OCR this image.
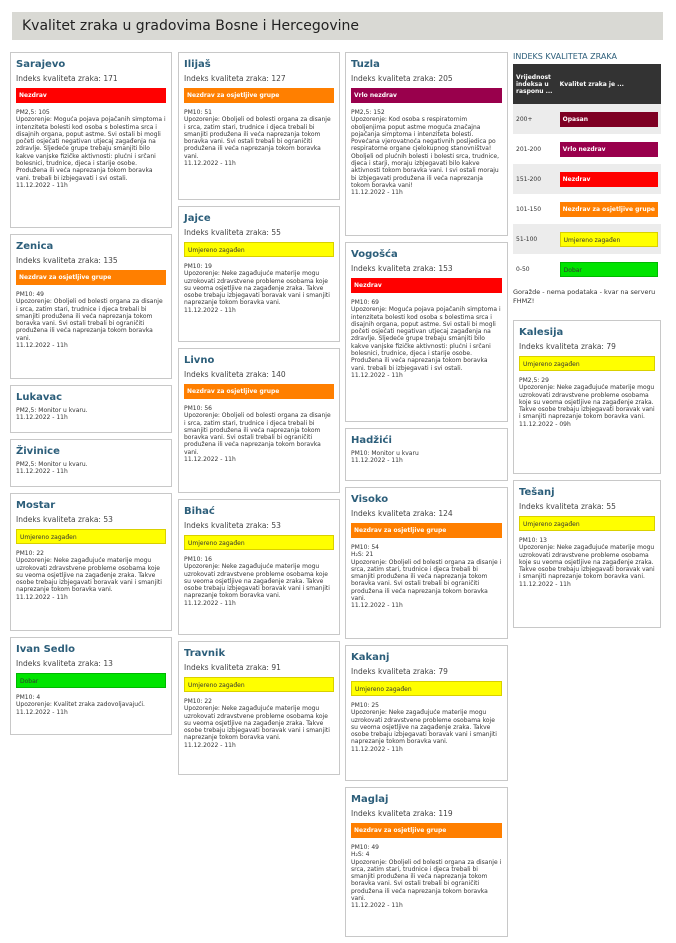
Kvalitet zraka u gradovima Bosne i Hercegovine
Sarajevo
Indeks kvaliteta zraka: 171
Nezdrav
PM2,5: 105
Upozorenje: Moguća pojava pojačanih simptoma i intenziteta bolesti kod osoba s bolestima srca i disajnih organa, poput astme. Svi ostali bi mogli početi osjećati negativan utjecaj zagađenja na zdravlje. Sljedeće grupe trebaju smanjiti bilo kakve vanjske fizičke aktivnosti: plućni i srčani bolesnici, trudnice, djeca i starije osobe. Produžena ili veća naprezanja tokom boravka vani. trebali bi izbjegavati i svi ostali.
11.12.2022 - 11h
Zenica
Indeks kvaliteta zraka: 135
Nezdrav za osjetljive grupe
PM10: 49
Upozorenje: Oboljeli od bolesti organa za disanje i srca, zatim stari, trudnice i djeca trebali bi smanjiti produžena ili veća naprezanja tokom boravka vani. Svi ostali trebali bi ograničiti produžena ili veća naprezanja tokom boravka vani.
11.12.2022 - 11h
Lukavac
PM2,5: Monitor u kvaru.
11.12.2022 - 11h
Živinice
PM2,5: Monitor u kvaru.
11.12.2022 - 11h
Mostar
Indeks kvaliteta zraka: 53
Umjereno zagađen
PM10: 22
Upozorenje: Neke zagađujuće materije mogu uzrokovati zdravstvene probleme osobama koje su veoma osjetljive na zagađenje zraka. Takve osobe trebaju izbjegavati boravak vani i smanjiti naprezanje tokom boravka vani.
11.12.2022 - 11h
Ivan Sedlo
Indeks kvaliteta zraka: 13
Dobar
PM10: 4
Upozorenje: Kvalitet zraka zadovoljavajući.
11.12.2022 - 11h
Ilijaš
Indeks kvaliteta zraka: 127
Nezdrav za osjetljive grupe
PM10: 51
Upozorenje: Oboljeli od bolesti organa za disanje i srca, zatim stari, trudnice i djeca trebali bi smanjiti produžena ili veća naprezanja tokom boravka vani. Svi ostali trebali bi ograničiti produžena ili veća naprezanja tokom boravka vani.
11.12.2022 - 11h
Jajce
Indeks kvaliteta zraka: 55
Umjereno zagađen
PM10: 19
Upozorenje: Neke zagađujuće materije mogu uzrokovati zdravstvene probleme osobama koje su veoma osjetljive na zagađenje zraka. Takve osobe trebaju izbjegavati boravak vani i smanjiti naprezanje tokom boravka vani.
11.12.2022 - 11h
Livno
Indeks kvaliteta zraka: 140
Nezdrav za osjetljive grupe
PM10: 56
Upozorenje: Oboljeli od bolesti organa za disanje i srca, zatim stari, trudnice i djeca trebali bi smanjiti produžena ili veća naprezanja tokom boravka vani. Svi ostali trebali bi ograničiti produžena ili veća naprezanja tokom boravka vani.
11.12.2022 - 11h
Bihać
Indeks kvaliteta zraka: 53
Umjereno zagađen
PM10: 16
Upozorenje: Neke zagađujuće materije mogu uzrokovati zdravstvene probleme osobama koje su veoma osjetljive na zagađenje zraka. Takve osobe trebaju izbjegavati boravak vani i smanjiti naprezanje tokom boravka vani.
11.12.2022 - 11h
Travnik
Indeks kvaliteta zraka: 91
Umjereno zagađen
PM10: 22
Upozorenje: Neke zagađujuće materije mogu uzrokovati zdravstvene probleme osobama koje su veoma osjetljive na zagađenje zraka. Takve osobe trebaju izbjegavati boravak vani i smanjiti naprezanje tokom boravka vani.
11.12.2022 - 11h
Tuzla
Indeks kvaliteta zraka: 205
Vrlo nezdrav
PM2,5: 152
Upozorenje: Kod osoba s respiratornim oboljenjima poput astme moguća značajna pojačanja simptoma i intenziteta bolesti. Povećana vjerovatnoća negativnih posljedica po respiratorne organe cjelokupnog stanovništva! Oboljeli od plućnih bolesti i bolesti srca, trudnice, djeca i starji, moraju izbjegavati bilo kakve aktivnosti tokom boravka vani. I svi ostali moraju bi izbjegavati produžena ili veća naprezanja tokom boravka vani!
11.12.2022 - 11h
Vogošća
Indeks kvaliteta zraka: 153
Nezdrav
PM10: 69
Upozorenje: Moguća pojava pojačanih simptoma i intenziteta bolesti kod osoba s bolestima srca i disajnih organa, poput astme. Svi ostali bi mogli početi osjećati negativan utjecaj zagađenja na zdravlje. Sljedeće grupe trebaju smanjiti bilo kakve vanjske fizičke aktivnosti: plućni i srčani bolesnici, trudnice, djeca i starije osobe. Produžena ili veća naprezanja tokom boravka vani. trebali bi izbjegavati i svi ostali.
11.12.2022 - 11h
Hadžići
PM10: Monitor u kvaru
11.12.2022 - 11h
Visoko
Indeks kvaliteta zraka: 124
Nezdrav za osjetljive grupe
PM10: 54
H₂S: 21
Upozorenje: Oboljeli od bolesti organa za disanje i srca, zatim stari, trudnice i djeca trebali bi smanjiti produžena ili veća naprezanja tokom boravka vani. Svi ostali trebali bi ograničiti produžena ili veća naprezanja tokom boravka vani.
11.12.2022 - 11h
Kakanj
Indeks kvaliteta zraka: 79
Umjereno zagađen
PM10: 25
Upozorenje: Neke zagađujuće materije mogu uzrokovati zdravstvene probleme osobama koje su veoma osjetljive na zagađenje zraka. Takve osobe trebaju izbjegavati boravak vani i smanjiti naprezanje tokom boravka vani.
11.12.2022 - 11h
Maglaj
Indeks kvaliteta zraka: 119
Nezdrav za osjetljive grupe
PM10: 49
H₂S: 4
Upozorenje: Oboljeli od bolesti organa za disanje i srca, zatim stari, trudnice i djeca trebali bi smanjiti produžena ili veća naprezanja tokom boravka vani. Svi ostali trebali bi ograničiti produžena ili veća naprezanja tokom boravka vani.
11.12.2022 - 11h
Kalesija
Indeks kvaliteta zraka: 79
Umjereno zagađen
PM2,5: 29
Upozorenje: Neke zagađujuće materije mogu uzrokovati zdravstvene probleme osobama koje su veoma osjetljive na zagađenje zraka. Takve osobe trebaju izbjegavati boravak vani i smanjiti naprezanje tokom boravka vani.
11.12.2022 - 09h
Tešanj
Indeks kvaliteta zraka: 55
Umjereno zagađen
PM10: 13
Upozorenje: Neke zagađujuće materije mogu uzrokovati zdravstvene probleme osobama koje su veoma osjetljive na zagađenje zraka. Takve osobe trebaju izbjegavati boravak vani i smanjiti naprezanje tokom boravka vani.
11.12.2022 - 11h
INDEKS KVALITETA ZRAKA
Vrijednost indeksa u rasponu ...	Kvalitet zraka je ...
200+	Opasan

201-200	Vrlo nezdrav

151-200	Nezdrav

101-150	Nezdrav za osjetljive grupe

51-100	Umjereno zagađen

0-50	Dobar
Goražde - nema podataka - kvar na serveru FHMZ!
